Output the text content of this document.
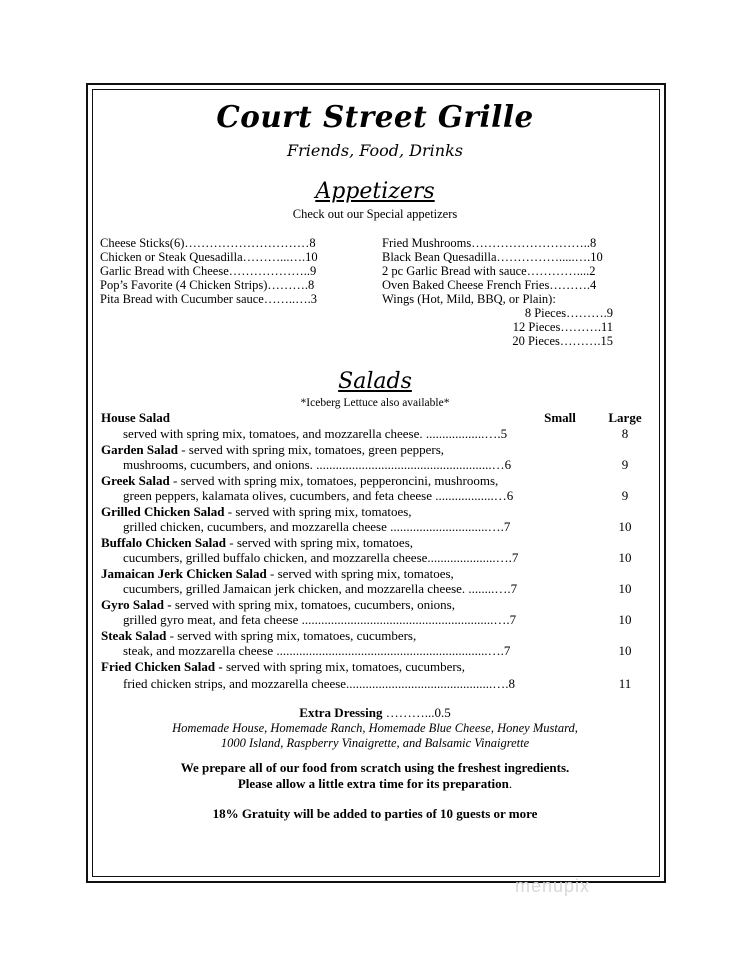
Court Street Grille
Friends, Food, Drinks
Appetizers
Check out our Special appetizers
Cheese Sticks(6)…………………………8
Chicken or Steak Quesadilla………...….10
Garlic Bread with Cheese………………..9
Pop’s Favorite (4 Chicken Strips)……….8
Pita Bread with Cucumber sauce……..….3
Fried Mushrooms………………………..8
Black Bean Quesadilla…………….....….10
2 pc Garlic Bread with sauce…………....2
Oven Baked Cheese French Fries……….4
Wings (Hot, Mild, BBQ, or Plain):
8 Pieces……….9
12 Pieces……….11
20 Pieces……….15
Salads
*Iceberg Lettuce also available*
House Salad	Small	Large
served with spring mix, tomatoes, and mozzarella cheese. ..................….5	8
Garden Salad - served with spring mix, tomatoes, green peppers,
mushrooms, cucumbers, and onions. ......................................................…6	9
Greek Salad - served with spring mix, tomatoes, pepperoncini, mushrooms,
green peppers, kalamata olives, cucumbers, and feta cheese ..................…6	9
Grilled Chicken Salad - served with spring mix, tomatoes,
grilled chicken, cucumbers, and mozzarella cheese ..............................….7	10
Buffalo Chicken Salad - served with spring mix, tomatoes,
cucumbers, grilled buffalo chicken, and mozzarella cheese.....................….7	10
Jamaican Jerk Chicken Salad - served with spring mix, tomatoes,
cucumbers, grilled Jamaican jerk chicken, and mozzarella cheese. ........….7	10
Gyro Salad - served with spring mix, tomatoes, cucumbers, onions,
grilled gyro meat, and feta cheese ...........................................................….7	10
Steak Salad - served with spring mix, tomatoes, cucumbers,
steak, and mozzarella cheese .................................................................….7	10
Fried Chicken Salad - served with spring mix, tomatoes, cucumbers,
fried chicken strips, and mozzarella cheese.............................................….8	11
Extra Dressing ………...0.5
Homemade House, Homemade Ranch, Homemade Blue Cheese, Honey Mustard,
1000 Island, Raspberry Vinaigrette, and Balsamic Vinaigrette
We prepare all of our food from scratch using the freshest ingredients.
Please allow a little extra time for its preparation.
18% Gratuity will be added to parties of 10 guests or more
menupix
